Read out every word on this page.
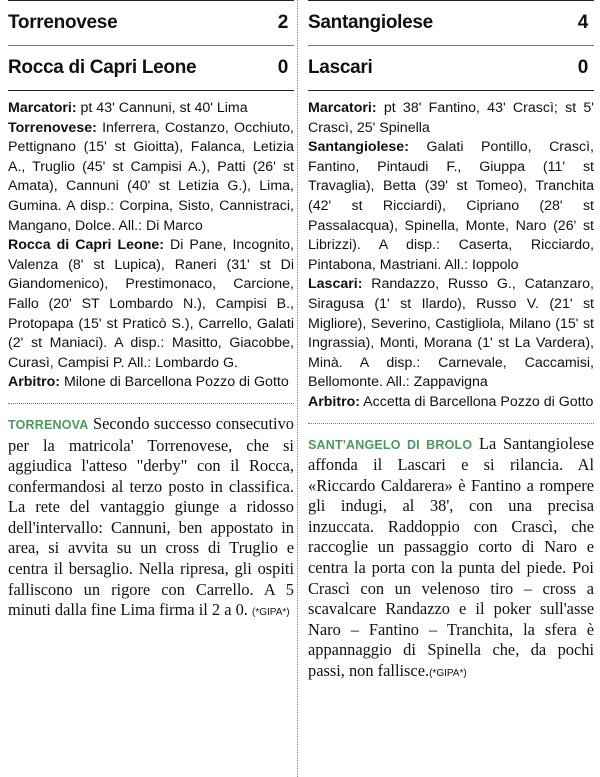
Torrenovese	2
Rocca di Capri Leone	0

Marcatori: pt 43' Cannuni, st 40' Lima

Torrenovese: Inferrera, Costanzo, Occhiuto, Pettignano (15' st Gioitta), Falanca, Letizia A., Truglio (45' st Campisi A.), Patti (26' st Amata), Cannuni (40' st Letizia G.), Lima, Gumina. A disp.: Corpina, Sisto, Cannistraci, Mangano, Dolce. All.: Di Marco

Rocca di Capri Leone: Di Pane, Incognito, Valenza (8' st Lupica), Raneri (31' st Di Giandomenico), Prestimonaco, Carcione, Fallo (20' ST Lombardo N.), Campisi B., Protopapa (15' st Praticò S.), Carrello, Galati (2' st Maniaci). A disp.: Masitto, Giacobbe, Curasì, Campisi P. All.: Lombardo G.

Arbitro: Milone di Barcellona Pozzo di Gotto

TORRENOVA Secondo successo consecutivo per la matricola' Torrenovese, che si aggiudica l'atteso "derby" con il Rocca, confermandosi al terzo posto in classifica. La rete del vantaggio giunge a ridosso dell'intervallo: Cannuni, ben appostato in area, si avvita su un cross di Truglio e centra il bersaglio. Nella ripresa, gli ospiti falliscono un rigore con Carrello. A 5 minuti dalla fine Lima firma il 2 a 0. (*GIPA*)
Santangiolese	4
Lascari	0

Marcatori: pt 38' Fantino, 43' Crascì; st 5' Crascì, 25' Spinella

Santangiolese: Galati Pontillo, Crascì, Fantino, Pintaudi F., Giuppa (11' st Travaglia), Betta (39' st Tomeo), Tranchita (42' st Ricciardi), Cipriano (28' st Passalacqua), Spinella, Monte, Naro (26' st Librizzi). A disp.: Caserta, Ricciardo, Pintabona, Mastriani. All.: Ioppolo

Lascari: Randazzo, Russo G., Catanzaro, Siragusa (1' st Ilardo), Russo V. (21' st Migliore), Severino, Castigliola, Milano (15' st Ingrassia), Monti, Morana (1' st La Vardera), Minà. A disp.: Carnevale, Caccamisi, Bellomonte. All.: Zappavigna

Arbitro: Accetta di Barcellona Pozzo di Gotto

SANT'ANGELO DI BROLO La Santangiolese affonda il Lascari e si rilancia. Al «Riccardo Caldarera» è Fantino a rompere gli indugi, al 38', con una precisa inzuccata. Raddoppio con Crascì, che raccoglie un passaggio corto di Naro e centra la porta con la punta del piede. Poi Crascì con un velenoso tiro – cross a scavalcare Randazzo e il poker sull'asse Naro – Fantino – Tranchita, la sfera è appannaggio di Spinella che, da pochi passi, non fallisce.(*GIPA*)
